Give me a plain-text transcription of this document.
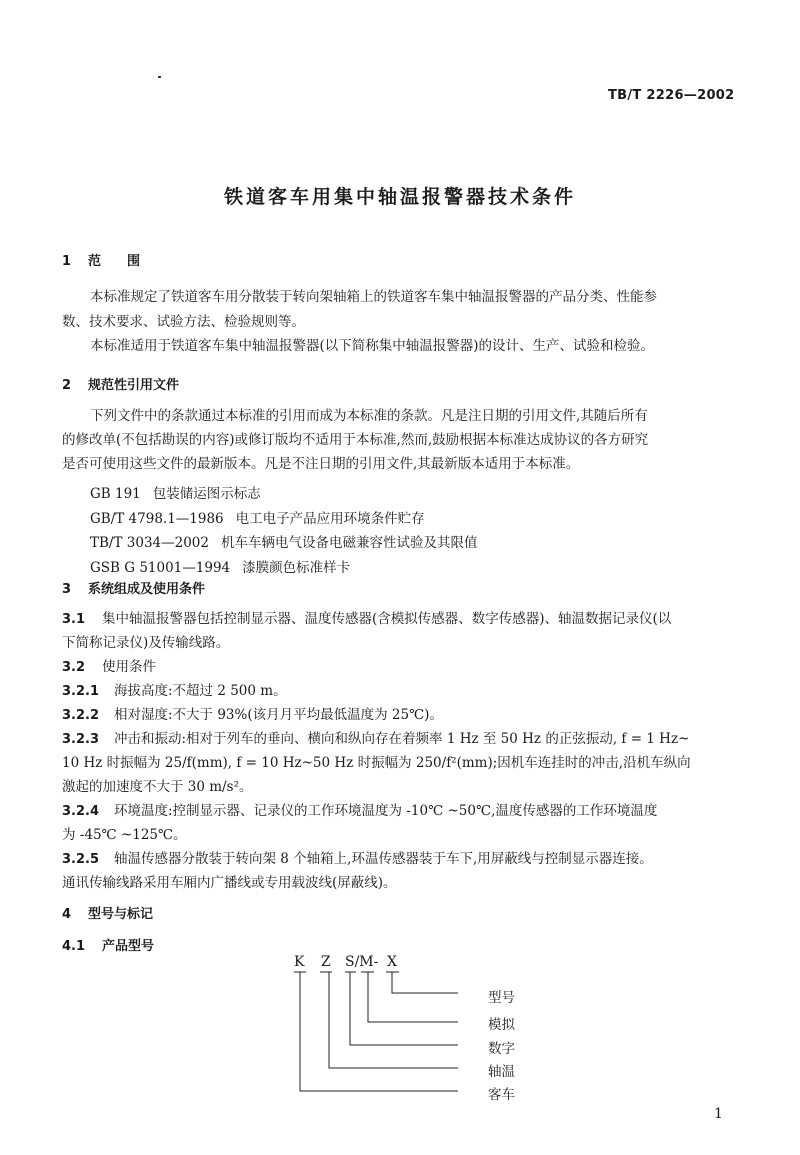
TB/T 2226—2002
铁道客车用集中轴温报警器技术条件
1 范　　围
本标准规定了铁道客车用分散装于转向架轴箱上的铁道客车集中轴温报警器的产品分类、性能参
数、技术要求、试验方法、检验规则等。
本标准适用于铁道客车集中轴温报警器(以下简称集中轴温报警器)的设计、生产、试验和检验。
2 规范性引用文件
下列文件中的条款通过本标准的引用而成为本标准的条款。凡是注日期的引用文件,其随后所有
的修改单(不包括勘误的内容)或修订版均不适用于本标准,然而,鼓励根据本标准达成协议的各方研究
是否可使用这些文件的最新版本。凡是不注日期的引用文件,其最新版本适用于本标准。
GB 191 包装储运图示标志
GB/T 4798.1—1986 电工电子产品应用环境条件贮存
TB/T 3034—2002 机车车辆电气设备电磁兼容性试验及其限值
GSB G 51001—1994 漆膜颜色标准样卡
3 系统组成及使用条件
3.1 集中轴温报警器包括控制显示器、温度传感器(含模拟传感器、数字传感器)、轴温数据记录仪(以
下简称记录仪)及传输线路。
3.2 使用条件
3.2.1 海拔高度:不超过 2 500 m。
3.2.2 相对湿度:不大于 93%(该月月平均最低温度为 25℃)。
3.2.3 冲击和振动:相对于列车的垂向、横向和纵向存在着频率 1 Hz 至 50 Hz 的正弦振动, f = 1 Hz~
10 Hz 时振幅为 25/f(mm), f = 10 Hz~50 Hz 时振幅为 250/f²(mm);因机车连挂时的冲击,沿机车纵向
激起的加速度不大于 30 m/s²。
3.2.4 环境温度:控制显示器、记录仪的工作环境温度为 -10℃ ~50℃,温度传感器的工作环境温度
为 -45℃ ~125℃。
3.2.5 轴温传感器分散装于转向架 8 个轴箱上,环温传感器装于车下,用屏蔽线与控制显示器连接。
通讯传输线路采用车厢内广播线或专用载波线(屏蔽线)。
4 型号与标记
4.1 产品型号
K Z S/M- X
型号
模拟
数字
轴温
客车
1
